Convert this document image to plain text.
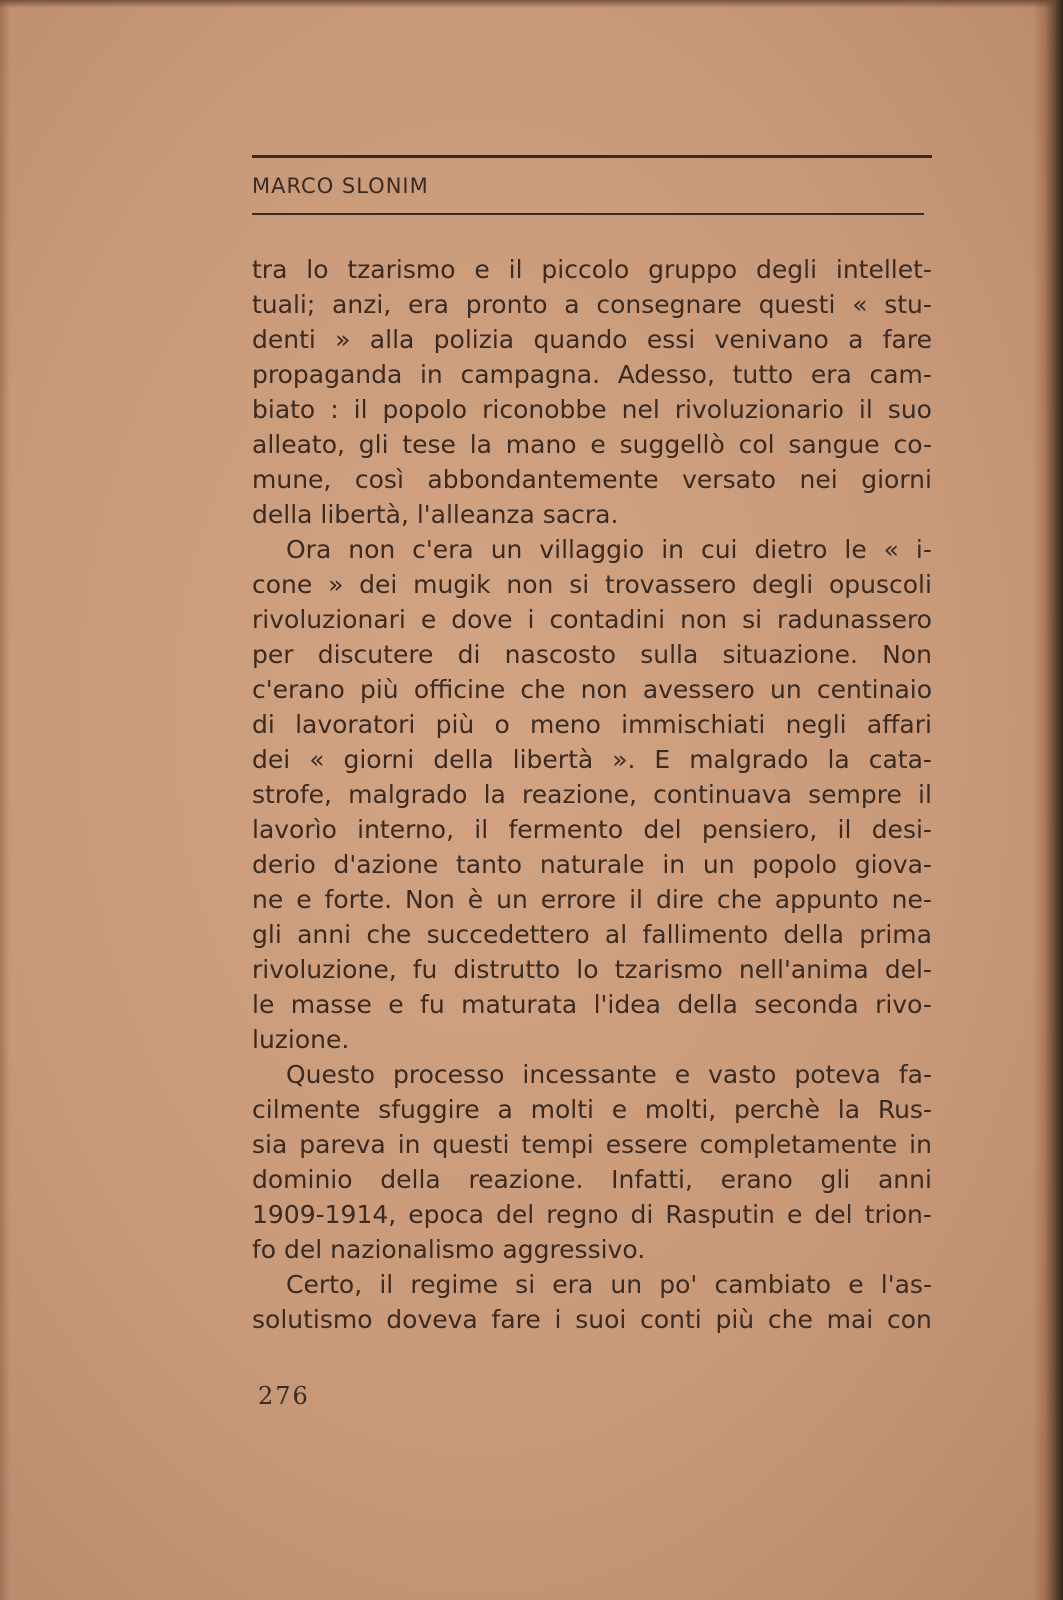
MARCO SLONIM
tra lo tzarismo e il piccolo gruppo degli intellet-
tuali; anzi, era pronto a consegnare questi « stu-
denti » alla polizia quando essi venivano a fare
propaganda in campagna. Adesso, tutto era cam-
biato : il popolo riconobbe nel rivoluzionario il suo
alleato, gli tese la mano e suggellò col sangue co-
mune, così abbondantemente versato nei giorni
della libertà, l'alleanza sacra.
Ora non c'era un villaggio in cui dietro le « i-
cone » dei mugik non si trovassero degli opuscoli
rivoluzionari e dove i contadini non si radunassero
per discutere di nascosto sulla situazione. Non
c'erano più officine che non avessero un centinaio
di lavoratori più o meno immischiati negli affari
dei « giorni della libertà ». E malgrado la cata-
strofe, malgrado la reazione, continuava sempre il
lavorìo interno, il fermento del pensiero, il desi-
derio d'azione tanto naturale in un popolo giova-
ne e forte. Non è un errore il dire che appunto ne-
gli anni che succedettero al fallimento della prima
rivoluzione, fu distrutto lo tzarismo nell'anima del-
le masse e fu maturata l'idea della seconda rivo-
luzione.
Questo processo incessante e vasto poteva fa-
cilmente sfuggire a molti e molti, perchè la Rus-
sia pareva in questi tempi essere completamente in
dominio della reazione. Infatti, erano gli anni
1909-1914, epoca del regno di Rasputin e del trion-
fo del nazionalismo aggressivo.
Certo, il regime si era un po' cambiato e l'as-
solutismo doveva fare i suoi conti più che mai con
276
